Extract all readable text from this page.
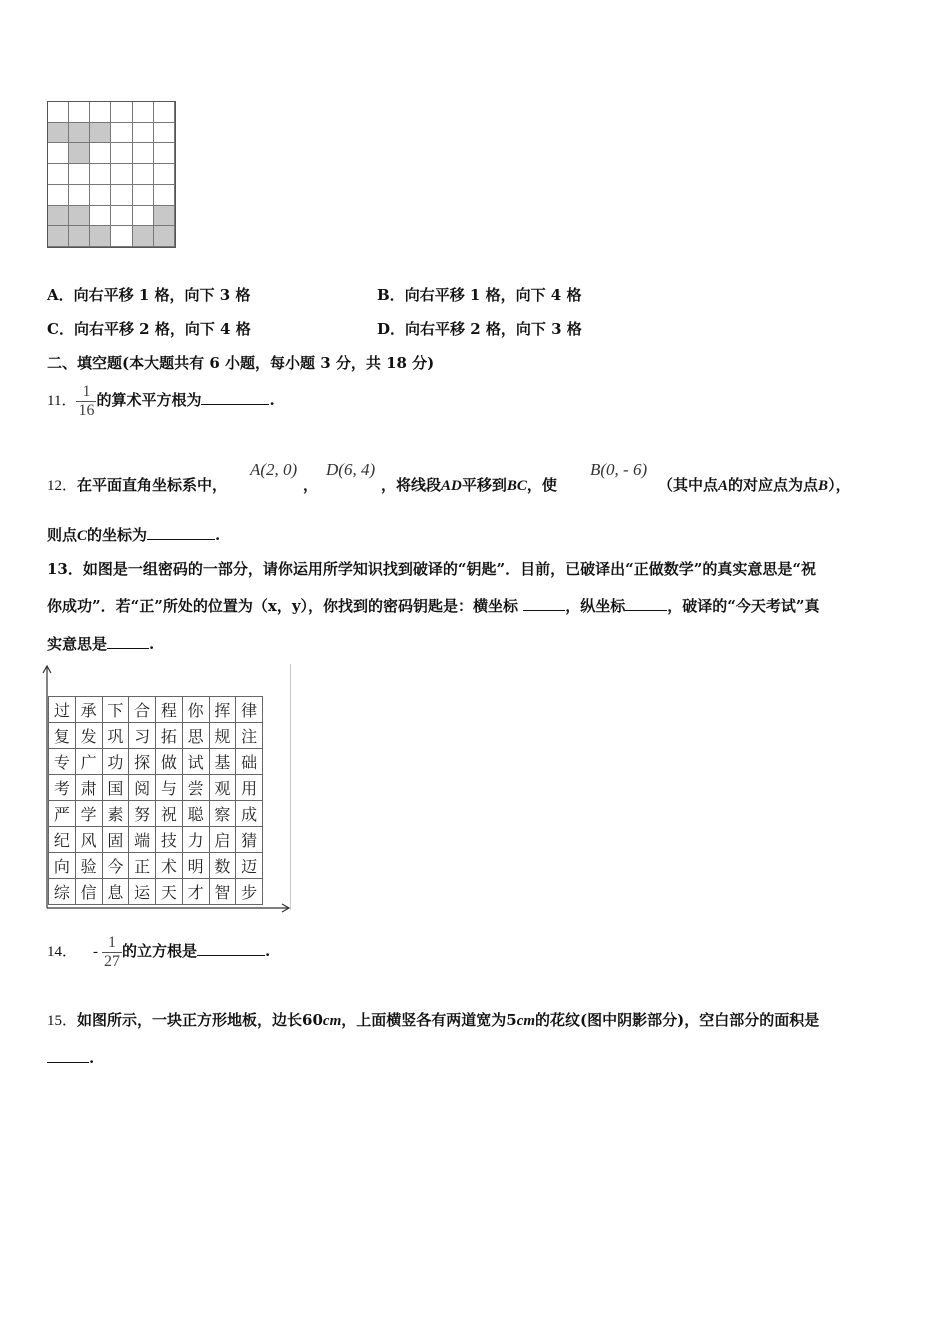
A．向右平移 1 格，向下 3 格	B．向右平移 1 格，向下 4 格
C．向右平移 2 格，向下 4 格	D．向右平移 2 格，向下 3 格
二、填空题(本大题共有 6 小题，每小题 3 分，共 18 分)
11． $\frac{1}{16}$ 的算术平方根为	.
A(2, 0) D(6, 4)	B(0, - 6)
12．在平面直角坐标系中，	，	，将线段AD平移到BC，使	（其中点A的对应点为点B），
则点C的坐标为	.
13．如图是一组密码的一部分，请你运用所学知识找到破译的“钥匙”．目前，已破译出“正做数学”的真实意思是“祝
你成功”．若“正”所处的位置为（x，y），你找到的密码钥匙是：横坐标	，纵坐标	，破译的“今天考试”真
实意思是	.
过 承 下 合 程 你 挥 律
复 发 巩 习 拓 思 规 注
专 广 功 探 做 试 基 础
考 肃 国 阅 与 尝 观 用
严 学 素 努 祝 聪 察 成
纪 风 固 端 技 力 启 猜
向 验 今 正 术 明 数 迈
综 信 息 运 天 才 智 步
14． - $\frac{1}{27}$ 的立方根是	.
15．如图所示，一块正方形地板，边长60cm，上面横竖各有两道宽为5cm的花纹(图中阴影部分)，空白部分的面积是
.
